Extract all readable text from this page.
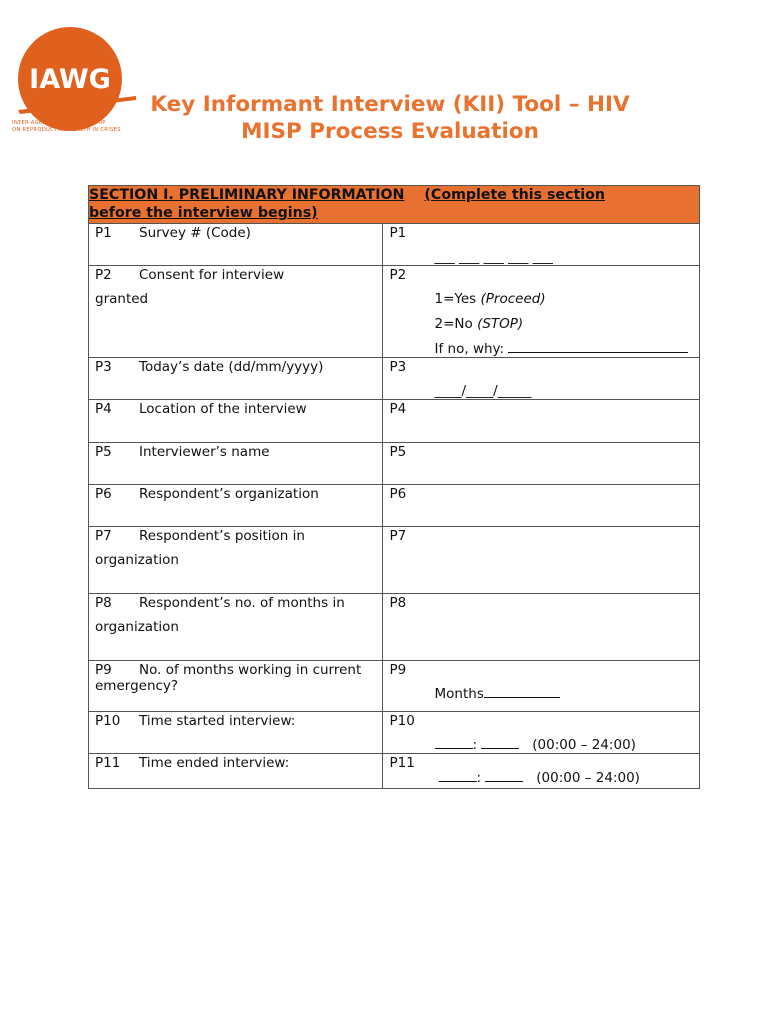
IAWG
INTER-AGENCY WORKING GROUP
ON REPRODUCTIVE HEALTH IN CRISES
Key Informant Interview (KII) Tool – HIV
MISP Process Evaluation
SECTION I. PRELIMINARY INFORMATION (Complete this section
before the interview begins)	

P1 Survey # (Code)	P1
___ ___ ___ ___ ___

P2 Consent for interview
granted	P2
1=Yes (Proceed)
2=No (STOP)
If no, why:

P3 Today’s date (dd/mm/yyyy)	P3
____/____/_____

P4 Location of the interview	P4

P5 Interviewer’s name	P5

P6 Respondent’s organization	P6

P7 Respondent’s position in
organization	P7

P8 Respondent’s no. of months in
organization	P8

P9 No. of months working in current
emergency?	P9
Months

P10 Time started interview:	P10
: (00:00 – 24:00)

P11 Time ended interview:	P11
: (00:00 – 24:00)
